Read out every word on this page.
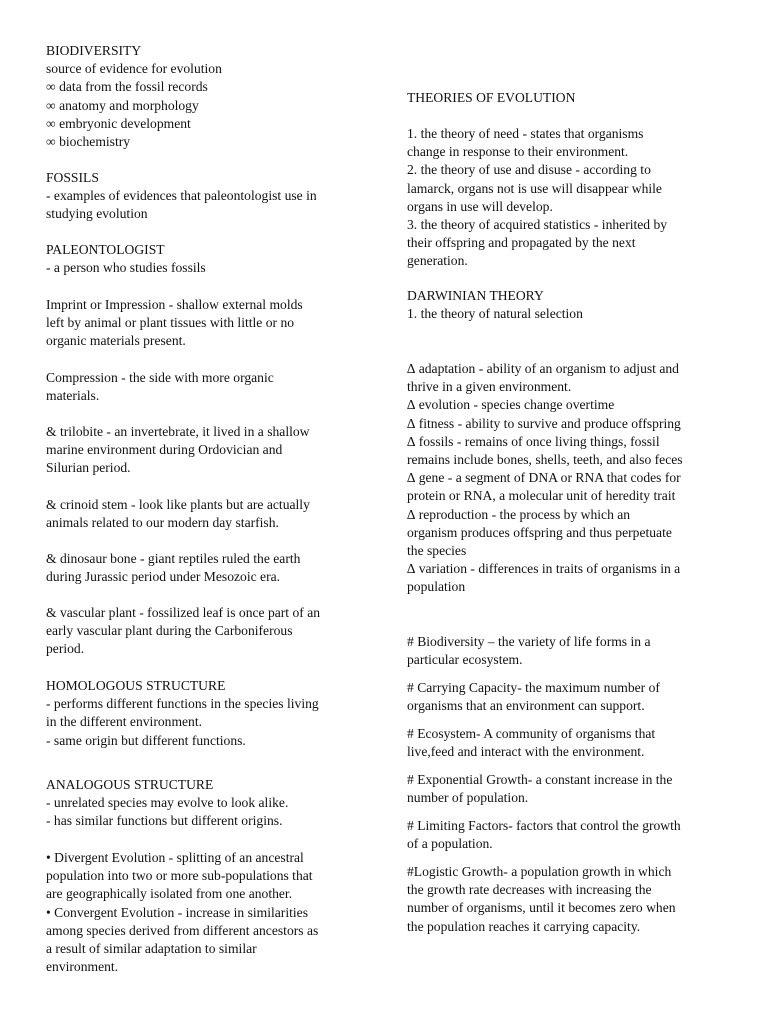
BIODIVERSITY
source of evidence for evolution
∞ data from the fossil records
∞ anatomy and morphology
∞ embryonic development
∞ biochemistry
FOSSILS
- examples of evidences that paleontologist use in
studying evolution
PALEONTOLOGIST
- a person who studies fossils
Imprint or Impression - shallow external molds
left by animal or plant tissues with little or no
organic materials present.
Compression - the side with more organic
materials.
& trilobite - an invertebrate, it lived in a shallow
marine environment during Ordovician and
Silurian period.
& crinoid stem - look like plants but are actually
animals related to our modern day starfish.
& dinosaur bone - giant reptiles ruled the earth
during Jurassic period under Mesozoic era.
& vascular plant - fossilized leaf is once part of an
early vascular plant during the Carboniferous
period.
HOMOLOGOUS STRUCTURE
- performs different functions in the species living
in the different environment.
- same origin but different functions.
ANALOGOUS STRUCTURE
- unrelated species may evolve to look alike.
- has similar functions but different origins.
• Divergent Evolution - splitting of an ancestral
population into two or more sub-populations that
are geographically isolated from one another.
• Convergent Evolution - increase in similarities
among species derived from different ancestors as
a result of similar adaptation to similar
environment.
THEORIES OF EVOLUTION
1. the theory of need - states that organisms
change in response to their environment.
2. the theory of use and disuse - according to
lamarck, organs not is use will disappear while
organs in use will develop.
3. the theory of acquired statistics - inherited by
their offspring and propagated by the next
generation.
DARWINIAN THEORY
1. the theory of natural selection
∆ adaptation - ability of an organism to adjust and
thrive in a given environment.
∆ evolution - species change overtime
∆ fitness - ability to survive and produce offspring
∆ fossils - remains of once living things, fossil
remains include bones, shells, teeth, and also feces
∆ gene - a segment of DNA or RNA that codes for
protein or RNA, a molecular unit of heredity trait
∆ reproduction - the process by which an
organism produces offspring and thus perpetuate
the species
∆ variation - differences in traits of organisms in a
population
# Biodiversity – the variety of life forms in a
particular ecosystem.
# Carrying Capacity- the maximum number of
organisms that an environment can support.
# Ecosystem- A community of organisms that
live,feed and interact with the environment.
# Exponential Growth- a constant increase in the
number of population.
# Limiting Factors- factors that control the growth
of a population.
#Logistic Growth- a population growth in which
the growth rate decreases with increasing the
number of organisms, until it becomes zero when
the population reaches it carrying capacity.
